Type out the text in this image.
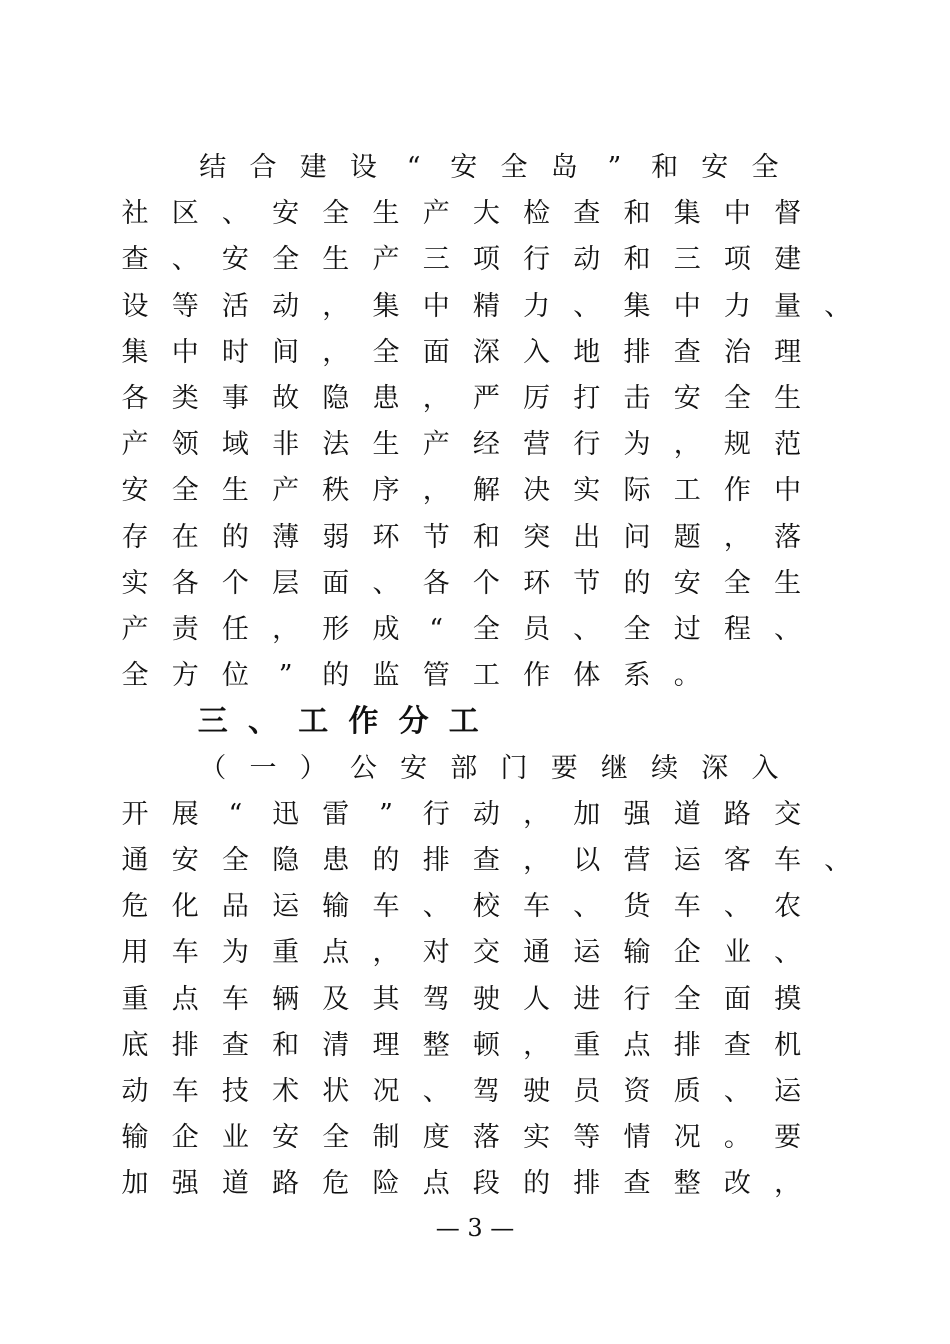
结 合 建 设	“	安 全 岛	”	和 安 全
社 区 、 安 全 生 产 大 检 查 和 集 中 督
查 、 安 全 生 产 三 项 行 动 和 三 项 建
设 等 活 动 ， 集 中 精 力 、 集 中 力 量 、
集 中 时 间 ， 全 面 深 入 地 排 查 治 理
各 类 事 故 隐 患 ， 严 厉 打 击 安 全 生
产 领 域 非 法 生 产 经 营 行 为 ， 规 范
安 全 生 产 秩 序 ， 解 决 实 际 工 作 中
存 在 的 薄 弱 环 节 和 突 出 问 题 ， 落
实 各 个 层 面 、 各 个 环 节 的 安 全 生
产 责 任 ， 形 成	“	全 员 、 全 过 程 、
全 方 位	”	的 监 管 工 作 体 系 。
三 、 工 作 分 工
（ 一 ） 公 安 部 门 要 继 续 深 入
开 展	“	迅 雷	”	行 动 ， 加 强 道 路 交
通 安 全 隐 患 的 排 查 ， 以 营 运 客 车 、
危 化 品 运 输 车 、 校 车 、 货 车 、 农
用 车 为 重 点 ， 对 交 通 运 输 企 业 、
重 点 车 辆 及 其 驾 驶 人 进 行 全 面 摸
底 排 查 和 清 理 整 顿 ， 重 点 排 查 机
动 车 技 术 状 况 、 驾 驶 员 资 质 、 运
输 企 业 安 全 制 度 落 实 等 情 况 。 要
加 强 道 路 危 险 点 段 的 排 查 整 改 ，
— 3 —
